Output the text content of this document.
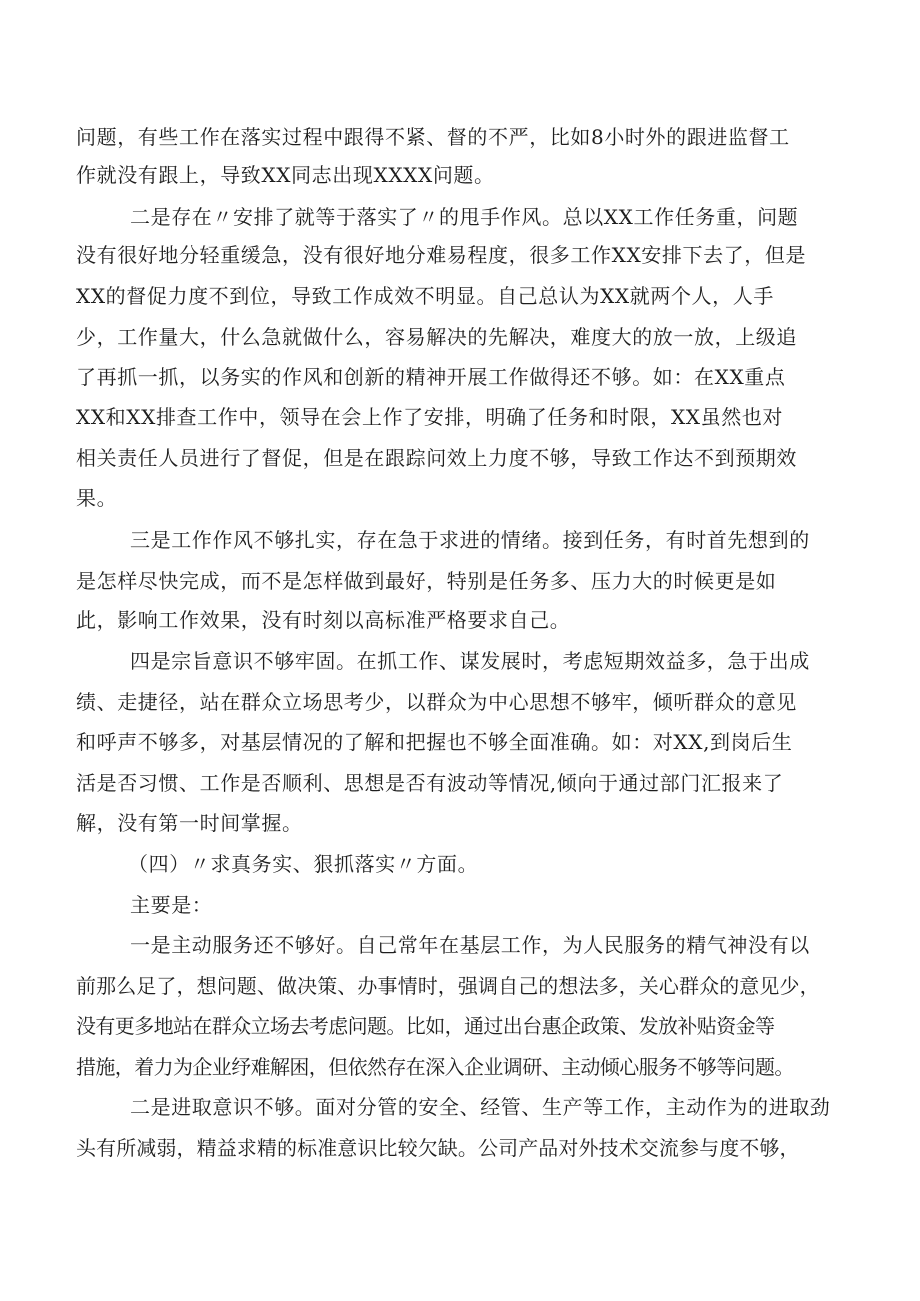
问题，有些工作在落实过程中跟得不紧、督的不严，比如8小时外的跟进监督工
作就没有跟上，导致XX同志出现XXXX问题。
二是存在〃安排了就等于落实了〃的甩手作风。总以XX工作任务重，问题
没有很好地分轻重缓急，没有很好地分难易程度，很多工作XX安排下去了，但是
XX的督促力度不到位，导致工作成效不明显。自己总认为XX就两个人，人手
少，工作量大，什么急就做什么，容易解决的先解决，难度大的放一放，上级追
了再抓一抓，以务实的作风和创新的精神开展工作做得还不够。如：在XX重点
XX和XX排查工作中，领导在会上作了安排，明确了任务和时限，XX虽然也对
相关责任人员进行了督促，但是在跟踪问效上力度不够，导致工作达不到预期效
果。
三是工作作风不够扎实，存在急于求进的情绪。接到任务，有时首先想到的
是怎样尽快完成，而不是怎样做到最好，特别是任务多、压力大的时候更是如
此，影响工作效果，没有时刻以高标准严格要求自己。
四是宗旨意识不够牢固。在抓工作、谋发展时，考虑短期效益多，急于出成
绩、走捷径，站在群众立场思考少，以群众为中心思想不够牢，倾听群众的意见
和呼声不够多，对基层情况的了解和把握也不够全面准确。如：对XX,到岗后生
活是否习惯、工作是否顺利、思想是否有波动等情况,倾向于通过部门汇报来了
解，没有第一时间掌握。
（四）〃求真务实、狠抓落实〃方面。
主要是：
一是主动服务还不够好。自己常年在基层工作，为人民服务的精气神没有以
前那么足了，想问题、做决策、办事情时，强调自己的想法多，关心群众的意见少，
没有更多地站在群众立场去考虑问题。比如，通过出台惠企政策、发放补贴资金等
措施，着力为企业纾难解困，但依然存在深入企业调研、主动倾心服务不够等问题。
二是进取意识不够。面对分管的安全、经管、生产等工作，主动作为的进取劲
头有所减弱，精益求精的标准意识比较欠缺。公司产品对外技术交流参与度不够，
